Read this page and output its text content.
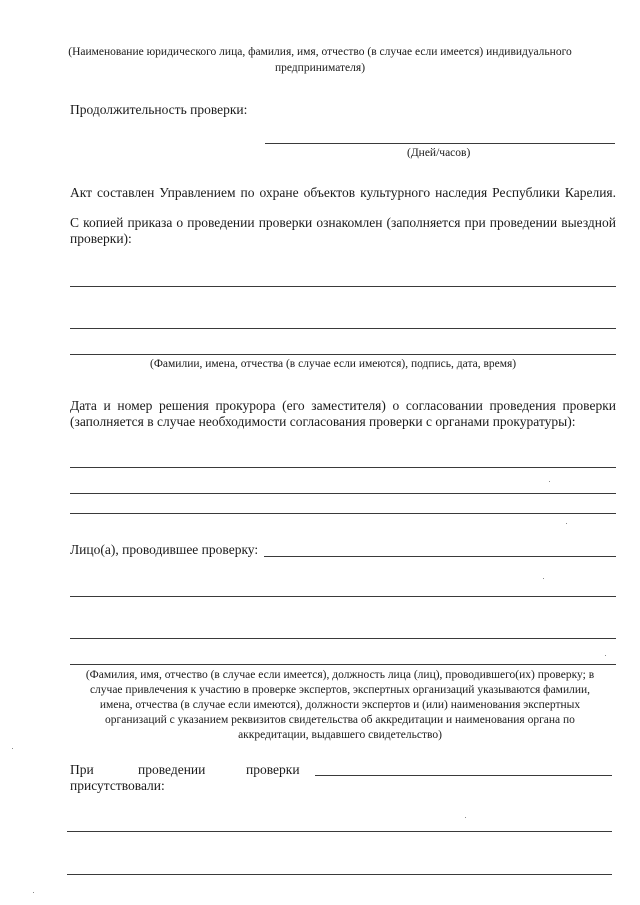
(Наименование юридического лица, фамилия, имя, отчество (в случае если имеется) индивидуального
предпринимателя)
Продолжительность проверки:
(Дней/часов)
Акт составлен Управлением по охране объектов культурного наследия Республики Карелия.
С копией приказа о проведении проверки ознакомлен (заполняется при проведении выездной
проверки):
(Фамилии, имена, отчества (в случае если имеются), подпись, дата, время)
Дата и номер решения прокурора (его заместителя) о согласовании проведения проверки
(заполняется в случае необходимости согласования проверки с органами прокуратуры):
Лицо(а), проводившее проверку:
(Фамилия, имя, отчество (в случае если имеется), должность лица (лиц), проводившего(их) проверку; в
случае привлечения к участию в проверке экспертов, экспертных организаций указываются фамилии,
имена, отчества (в случае если имеются), должности экспертов и (или) наименования экспертных
организаций с указанием реквизитов свидетельства об аккредитации и наименования органа по
аккредитации, выдавшего свидетельство)
При	проведении	проверки
присутствовали:
